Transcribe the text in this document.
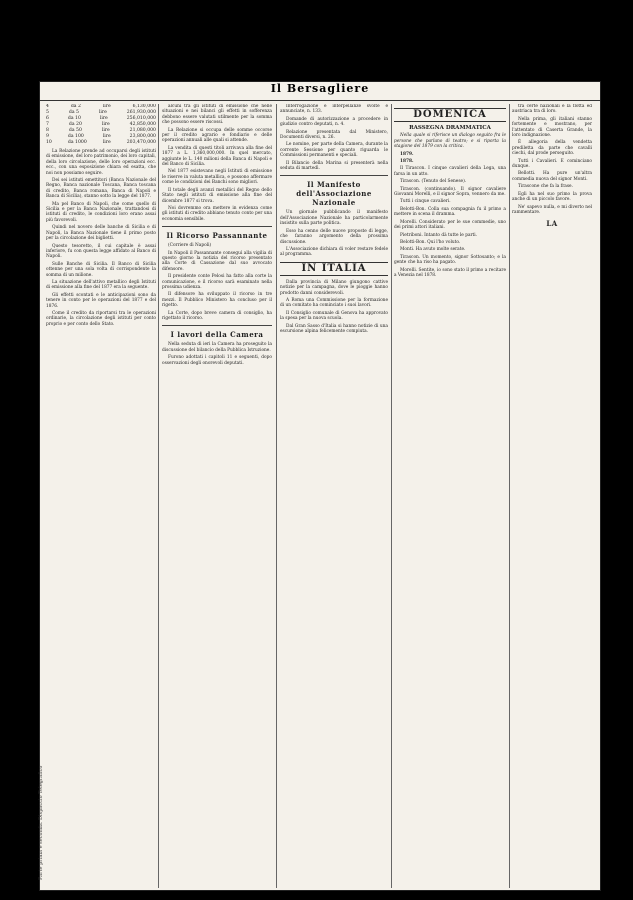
Il Bersagliere
Parte prima e seconda. Dispaccio Telegrafico
4	da 2	lire	6,130,000
5	da 5	lire	261,930,000
6	da 10	lire	256,010,000
7	da 20	lire	42,850,000
8	da 50	lire	21,080,000
9	da 100	lire	23,800,000
10	da 1000	lire	203,470,000

La Relazione prende ad occuparsi degli istituti di emissione, del loro patrimonio, dei loro capitali, della loro circolazione, delle loro operazioni ecc. ecc., con una esposizione chiara ed esatta, che noi non possiamo seguire.

Dei sei istituti emettitori (Banca Nazionale del Regno, Banca nazionale Toscana, Banca toscana di credito, Banca romana, Banca di Napoli e Banca di Sicilia), stanno sotto la legge del 1877.

Ma pel Banco di Napoli, che come quello di Sicilia e per la Banca Nazionale, trattandosi di istituti di credito, le condizioni loro erano assai più favorevoli.

Quindi nel novero delle banche di Sicilia e di Napoli, la Banca Nazionale tiene il primo posto per la circolazione dei biglietti.

Questo tesoretto, il cui capitale è assai inferiore, fu con questa legge affidato al Banco di Napoli.

Sulle Banche di Sicilia. Il Banco di Sicilia ottenne per una sola volta di corrispondente la somma di un milione.

La situazione dell'attivo metallico degli Istituti di emissione alla fine del 1877 era la seguente.

Gli effetti scontati e le anticipazioni sono da tenere in conto per le operazioni del 1877 e del 1876.

Come il credito da riportarsi tra le operazioni ordinarie, la circolazione degli istituti per conto proprio e per conto dello Stato.

alcuni tra gli istituti di emissione che nelle situazioni e nei bilanci gli effetti in sofferenza debbono essere valutati utilmente per la somma che possono essere riscossi.

La Relazione si occupa delle somme occorse per il credito agrario e fondiario e delle operazioni annuali alle quali si attende.

La vendita di questi titoli arrivava alla fine del 1877 a L. 1,360,000,000. In quel mercato, aggiunte le L. 140 milioni della Banca di Napoli e del Banco di Sicilia.

Nel 1877 esistevano negli Istituti di emissione le riserve in valuta metallica, e possono affermare come le condizioni dei Banchi sono migliori.

Il totale degli avanzi metallici del Regno dello Stato negli istituti di emissione alla fine del dicembre 1877 si trova.

Noi dovremmo ora mettere in evidenza come gli istituti di credito abbiano tenuto conto per una economia sensibile.

Il Ricorso Passannante

(Corriere di Napoli)

In Napoli il Passannante conseguì alla vigilia di questo giorno la notizia del ricorso presentato alla Corte di Cassazione dal suo avvocato difensore.

Il presidente conte Pelosi ha fatto alla corte la comunicazione, e il ricorso sarà esaminato nella prossima udienza.

Il difensore ha sviluppato il ricorso in tre mezzi. Il Pubblico Ministero ha concluso per il rigetto.

La Corte, dopo breve camera di consiglio, ha rigettato il ricorso.

I lavori della Camera

Nella seduta di ieri la Camera ha proseguito la discussione del bilancio della Pubblica Istruzione.

Furono adottati i capitoli 11 e seguenti, dopo osservazioni degli onorevoli deputati.

Interrogazione e interpellanze svolte e annunciate, n. 133.

Domande di autorizzazione a procedere in giudizio contro deputati, n. 4.

Relazione presentata dal Ministero, Documenti diversi, n. 26.

Le nomine, per parte della Camera, durante la corrente Sessione per quanto riguarda le Commissioni permanenti e speciali.

Il Bilancio della Marina si presenterà nella seduta di martedì.

Il Manifesto dell'Associazione Nazionale

Un giornale pubblicando il manifesto dell'Associazione Nazionale ha particolarmente insistito sulla parte politica.

Esso ha cenno delle nuove proposte di legge, che faranno argomento della prossima discussione.

L'Associazione dichiara di voler restare fedele al programma.

IN ITALIA

Dalla provincia di Milano giungono cattive notizie per la campagna, dove le pioggie hanno prodotto danni considerevoli.

A Roma una Commissione per la formazione di un comitato ha cominciato i suoi lavori.

Il Consiglio comunale di Genova ha approvato la spesa per la nuova scuola.

Dal Gran Sasso d'Italia si hanno notizie di una escursione alpina felicemente compiuta.

DOMENICA
RASSEGNA DRAMMATICA

Nella quale si riferisce un dialogo seguito fra le persone che parlano di teatro; e si riporta la stagione del 1879 con la critica.

1879.

1878.

Il Tirascon. I cinque cavalieri della Lega, una farsa in un atto.

Tirascon. (Tenuto del Senese).

Tirascon. (continuando). Il signor cavaliere Giovanni Morelli, e il signor Sopra, vennero da me.

Tutti i cinque cavalieri.

Belotti-Bon. Colla sua compagnia fu il primo a mettere in scena il dramma.

Morelli. Considerato per le sue commedie, uno dei primi attori italiani.

Pietriboni. Intanto dà tutte le parti.

Belotti-Bon. Qui l'ho voluto.

Monti. Ha avuto molte serate.

Tirascon. Un momento, signor Sottosanto; e la gente che ha riso ha pagato.

Morelli. Sentite, io sono stato il primo a recitare a Venezia nel 1878.

tra certe nazionali e la flotta ed austriaca tra di loro.

Nella prima, gli italiani stanno fortemente e mostrano, per l'attentato di Caserta Grande, la loro indignazione.

È allegoria della vendetta prediletta da parte che cavalli ciechi, dal prode perseguito.

Tutti i Cavalieri. E cominciano dunque.

Bellotti. Ha pure un'altra commedia nuova del signor Monti.

Tirascone che fa la frase.

Egli ha nel suo primo la prova anche di un piccolo favore.

Ne' sapevo nulla, e mi diverto nel rammentare.

LA
